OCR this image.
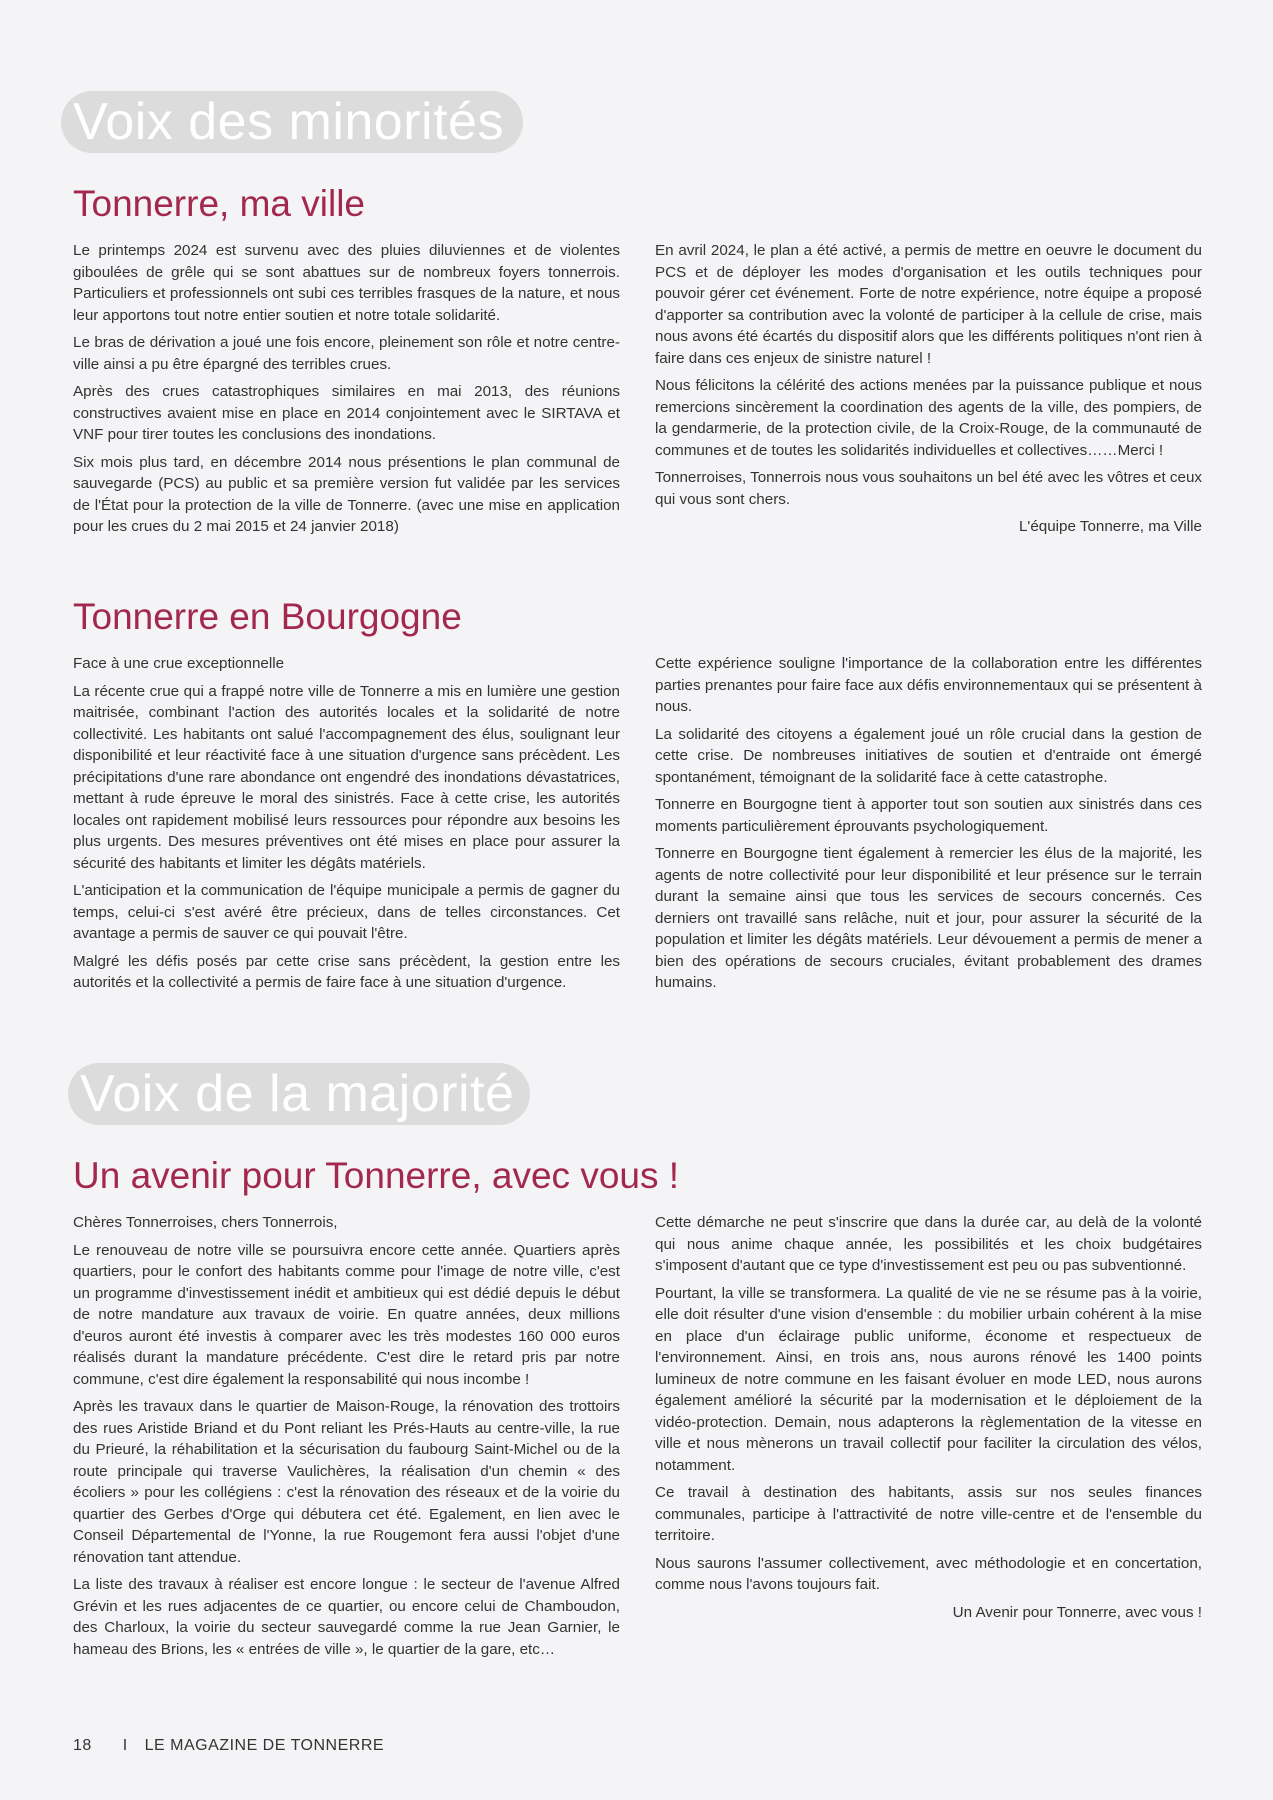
Voix des minorités
Tonnerre, ma ville

Le printemps 2024 est survenu avec des pluies diluviennes et de violentes giboulées de grêle qui se sont abattues sur de nombreux foyers tonnerrois. Particuliers et professionnels ont subi ces terribles frasques de la nature, et nous leur apportons tout notre entier soutien et notre totale solidarité.

Le bras de dérivation a joué une fois encore, pleinement son rôle et notre centre-ville ainsi a pu être épargné des terribles crues.

Après des crues catastrophiques similaires en mai 2013, des réunions constructives avaient mise en place en 2014 conjointement avec le SIRTAVA et VNF pour tirer toutes les conclusions des inondations.

Six mois plus tard, en décembre 2014 nous présentions le plan communal de sauvegarde (PCS) au public et sa première version fut validée par les services de l'État pour la protection de la ville de Tonnerre. (avec une mise en application pour les crues du 2 mai 2015 et 24 janvier 2018)

En avril 2024, le plan a été activé, a permis de mettre en oeuvre le document du PCS et de déployer les modes d'organisation et les outils techniques pour pouvoir gérer cet événement. Forte de notre expérience, notre équipe a proposé d'apporter sa contribution avec la volonté de participer à la cellule de crise, mais nous avons été écartés du dispositif alors que les différents politiques n'ont rien à faire dans ces enjeux de sinistre naturel !

Nous félicitons la célérité des actions menées par la puissance publique et nous remercions sincèrement la coordination des agents de la ville, des pompiers, de la gendarmerie, de la protection civile, de la Croix-Rouge, de la communauté de communes et de toutes les solidarités individuelles et collectives……Merci !

Tonnerroises, Tonnerrois nous vous souhaitons un bel été avec les vôtres et ceux qui vous sont chers.

L'équipe Tonnerre, ma Ville

Tonnerre en Bourgogne

Face à une crue exceptionnelle

La récente crue qui a frappé notre ville de Tonnerre a mis en lumière une gestion maitrisée, combinant l'action des autorités locales et la solidarité de notre collectivité. Les habitants ont salué l'accompagnement des élus, soulignant leur disponibilité et leur réactivité face à une situation d'urgence sans précèdent. Les précipitations d'une rare abondance ont engendré des inondations dévastatrices, mettant à rude épreuve le moral des sinistrés. Face à cette crise, les autorités locales ont rapidement mobilisé leurs ressources pour répondre aux besoins les plus urgents. Des mesures préventives ont été mises en place pour assurer la sécurité des habitants et limiter les dégâts matériels.

L'anticipation et la communication de l'équipe municipale a permis de gagner du temps, celui-ci s'est avéré être précieux, dans de telles circonstances. Cet avantage a permis de sauver ce qui pouvait l'être.

Malgré les défis posés par cette crise sans précèdent, la gestion entre les autorités et la collectivité a permis de faire face à une situation d'urgence.

Cette expérience souligne l'importance de la collaboration entre les différentes parties prenantes pour faire face aux défis environnementaux qui se présentent à nous.

La solidarité des citoyens a également joué un rôle crucial dans la gestion de cette crise. De nombreuses initiatives de soutien et d'entraide ont émergé spontanément, témoignant de la solidarité face à cette catastrophe.

Tonnerre en Bourgogne tient à apporter tout son soutien aux sinistrés dans ces moments particulièrement éprouvants psychologiquement.

Tonnerre en Bourgogne tient également à remercier les élus de la majorité, les agents de notre collectivité pour leur disponibilité et leur présence sur le terrain durant la semaine ainsi que tous les services de secours concernés. Ces derniers ont travaillé sans relâche, nuit et jour, pour assurer la sécurité de la population et limiter les dégâts matériels. Leur dévouement a permis de mener a bien des opérations de secours cruciales, évitant probablement des drames humains.

Voix de la majorité
Un avenir pour Tonnerre, avec vous !

Chères Tonnerroises, chers Tonnerrois,

Le renouveau de notre ville se poursuivra encore cette année. Quartiers après quartiers, pour le confort des habitants comme pour l'image de notre ville, c'est un programme d'investissement inédit et ambitieux qui est dédié depuis le début de notre mandature aux travaux de voirie. En quatre années, deux millions d'euros auront été investis à comparer avec les très modestes 160 000 euros réalisés durant la mandature précédente. C'est dire le retard pris par notre commune, c'est dire également la responsabilité qui nous incombe !

Après les travaux dans le quartier de Maison-Rouge, la rénovation des trottoirs des rues Aristide Briand et du Pont reliant les Prés-Hauts au centre-ville, la rue du Prieuré, la réhabilitation et la sécurisation du faubourg Saint-Michel ou de la route principale qui traverse Vaulichères, la réalisation d'un chemin « des écoliers » pour les collégiens : c'est la rénovation des réseaux et de la voirie du quartier des Gerbes d'Orge qui débutera cet été. Egalement, en lien avec le Conseil Départemental de l'Yonne, la rue Rougemont fera aussi l'objet d'une rénovation tant attendue.

La liste des travaux à réaliser est encore longue : le secteur de l'avenue Alfred Grévin et les rues adjacentes de ce quartier, ou encore celui de Chamboudon, des Charloux, la voirie du secteur sauvegardé comme la rue Jean Garnier, le hameau des Brions, les « entrées de ville », le quartier de la gare, etc…

Cette démarche ne peut s'inscrire que dans la durée car, au delà de la volonté qui nous anime chaque année, les possibilités et les choix budgétaires s'imposent d'autant que ce type d'investissement est peu ou pas subventionné.

Pourtant, la ville se transformera. La qualité de vie ne se résume pas à la voirie, elle doit résulter d'une vision d'ensemble : du mobilier urbain cohérent à la mise en place d'un éclairage public uniforme, économe et respectueux de l'environnement. Ainsi, en trois ans, nous aurons rénové les 1400 points lumineux de notre commune en les faisant évoluer en mode LED, nous aurons également amélioré la sécurité par la modernisation et le déploiement de la vidéo-protection. Demain, nous adapterons la règlementation de la vitesse en ville et nous mènerons un travail collectif pour faciliter la circulation des vélos, notamment.

Ce travail à destination des habitants, assis sur nos seules finances communales, participe à l'attractivité de notre ville-centre et de l'ensemble du territoire.

Nous saurons l'assumer collectivement, avec méthodologie et en concertation, comme nous l'avons toujours fait.

Un Avenir pour Tonnerre, avec vous !

18 I LE MAGAZINE DE TONNERRE
